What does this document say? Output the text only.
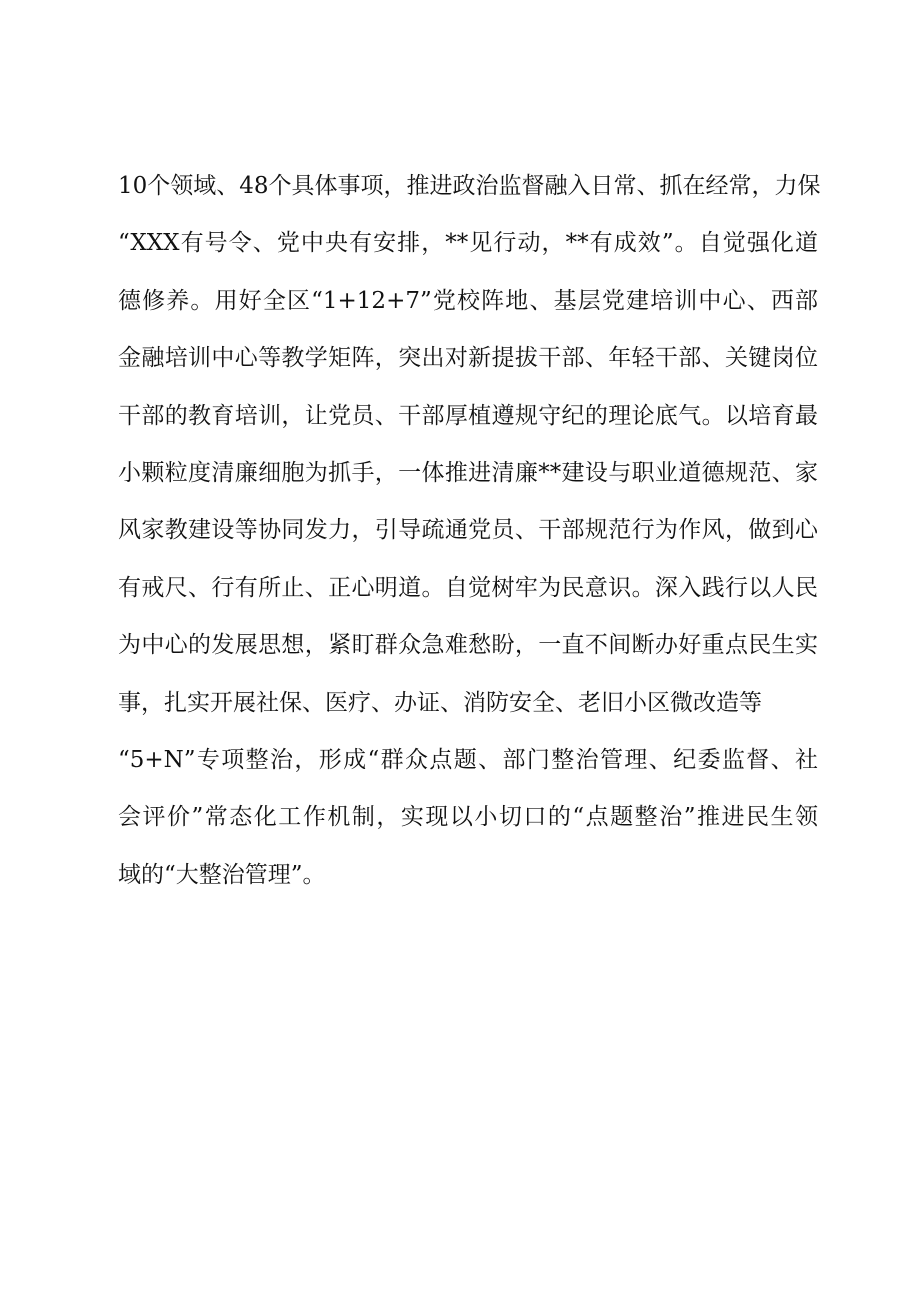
10个领域、48个具体事项，推进政治监督融入日常、抓在经常，力保
“XXX有号令、党中央有安排，**见行动，**有成效”。自觉强化道
德修养。用好全区“1+12+7”党校阵地、基层党建培训中心、西部
金融培训中心等教学矩阵，突出对新提拔干部、年轻干部、关键岗位
干部的教育培训，让党员、干部厚植遵规守纪的理论底气。以培育最
小颗粒度清廉细胞为抓手，一体推进清廉**建设与职业道德规范、家
风家教建设等协同发力，引导疏通党员、干部规范行为作风，做到心
有戒尺、行有所止、正心明道。自觉树牢为民意识。深入践行以人民
为中心的发展思想，紧盯群众急难愁盼，一直不间断办好重点民生实
事，扎实开展社保、医疗、办证、消防安全、老旧小区微改造等
“5+N”专项整治，形成“群众点题、部门整治管理、纪委监督、社
会评价”常态化工作机制，实现以小切口的“点题整治”推进民生领
域的“大整治管理”。
